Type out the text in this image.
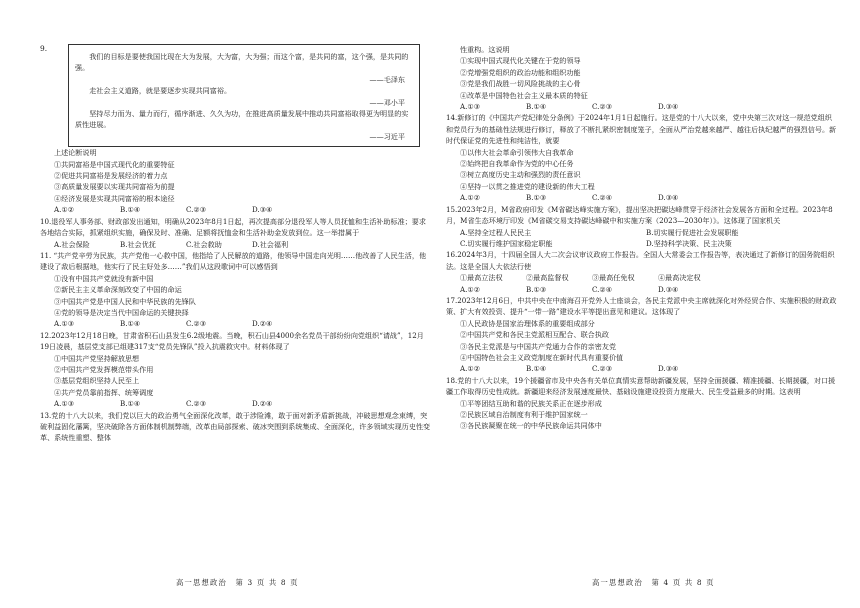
9.

我们的目标是要使我国比现在大为发展，大为富，大为强；而这个富，是共同的富，这个强，是共同的强。

——毛泽东

走社会主义道路，就是要逐步实现共同富裕。

——邓小平

坚持尽力而为、量力而行，循序渐进、久久为功，在推进高质量发展中推动共同富裕取得更为明显的实质性进展。

——习近平

上述论断说明

①共同富裕是中国式现代化的重要特征

②促进共同富裕是发展经济的着力点

③高质量发展要以实现共同富裕为前提

④经济发展是实现共同富裕的根本途径

A.①②	B.①④	C.②③	D.③④

10.退役军人事务部、财政部发出通知，明确从2023年8月1日起，再次提高部分退役军人等人员抚恤和生活补助标准；要求各地结合实际，抓紧组织实施，确保及时、准确、足额将抚恤金和生活补助金发放到位。这一举措属于

A.社会保险	B.社会优抚	C.社会救助	D.社会福利

11. “共产党辛劳为民族，共产党他一心救中国，他指给了人民解放的道路，他领导中国走向光明……他改善了人民生活，他建设了敌后根据地，他实行了民主好处多……”我们从这段歌词中可以感悟到

①没有中国共产党就没有新中国

②新民主主义革命深刻改变了中国的命运

③中国共产党是中国人民和中华民族的先锋队

④党的领导是决定当代中国命运的关键抉择

A.①③	B.①④	C.②③	D.②④

12.2023年12月18日晚，甘肃省积石山县发生6.2级地震。当晚，积石山县4000余名党员干部纷纷向党组织“请战”，12月19日凌晨，基层党支部已组建317支“党员先锋队”投入抗震救灾中。材料体现了

①中国共产党坚持解放思想

②中国共产党发挥模范带头作用

③基层党组织坚持人民至上

④共产党员靠前指挥、统筹调度

A.①③	B.①④	C.②③	D.②④

13.党的十八大以来，我们党以巨大的政治勇气全面深化改革，敢于涉险滩，敢于面对新矛盾新挑战，冲破思想观念束缚，突破利益固化藩篱，坚决破除各方面体制机制弊端，改革由局部探索、破冰突围到系统集成、全面深化，许多领域实现历史性变革、系统性重塑、整体

高一思想政治　第 3 页 共 8 页

性重构。这说明

①实现中国式现代化关键在于党的领导

②党增强党组织的政治功能和组织功能

③党是我们战胜一切风险挑战的主心骨

④改革是中国特色社会主义最本质的特征

A.①③	B.①④	C.②③	D.③④

14.新修订的《中国共产党纪律处分条例》于2024年1月1日起施行。这是党的十八大以来，党中央第三次对这一规范党组织和党员行为的基础性法规进行修订，释放了不断扎紧织密制度笼子，全面从严治党越来越严、越往后执纪越严的强烈信号。新时代保证党的先进性和纯洁性，就要

①以伟大社会革命引领伟大自我革命

②始终把自我革命作为党的中心任务

③树立高度历史主动和强烈的责任意识

④坚持一以贯之推进党的建设新的伟大工程

A.①②	B.①③	C.②④	D.③④

15.2023年2月，M省政府印发《M省碳达峰实施方案》，提出坚决把碳达峰贯穿于经济社会发展各方面和全过程。2023年8月，M省生态环境厅印发《M省碳交易支持碳达峰碳中和实施方案（2023—2030年）》。这体现了国家机关

A.坚持全过程人民民主	B.切实履行促进社会发展职能
C.切实履行维护国家稳定职能	D.坚持科学决策、民主决策

16.2024年3月，十四届全国人大二次会议审议政府工作报告。全国人大常委会工作报告等，表决通过了新修订的国务院组织法。这是全国人大依法行使

①最高立法权	②最高监督权	③最高任免权	④最高决定权
A.①②	B.①③	C.②④	D.③④

17.2023年12月6日，中共中央在中南海召开党外人士座谈会，各民主党派中央主席就深化对外经贸合作、实施积极的财政政策、扩大有效投资、提升“一带一路”建设水平等提出意见和建议。这体现了

①人民政协是国家治理体系的重要组成部分

②中国共产党和各民主党派相互配合、联合执政

③各民主党派是与中国共产党通力合作的亲密友党

④中国特色社会主义政党制度在新时代具有重要价值

A.①②	B.①④	C.②③	D.③④

18.党的十八大以来，19个援疆省市及中央各有关单位真情实意帮助新疆发展，坚持全面援疆、精准援疆、长期援疆，对口援疆工作取得历史性成就。新疆迎来经济发展速度最快、基础设施建设投资力度最大、民生受益最多的时期。这表明

①平等团结互助和谐的民族关系正在逐步形成

②民族区域自治制度有利于维护国家统一

③各民族凝聚在统一的中华民族命运共同体中

高一思想政治　第 4 页 共 8 页
